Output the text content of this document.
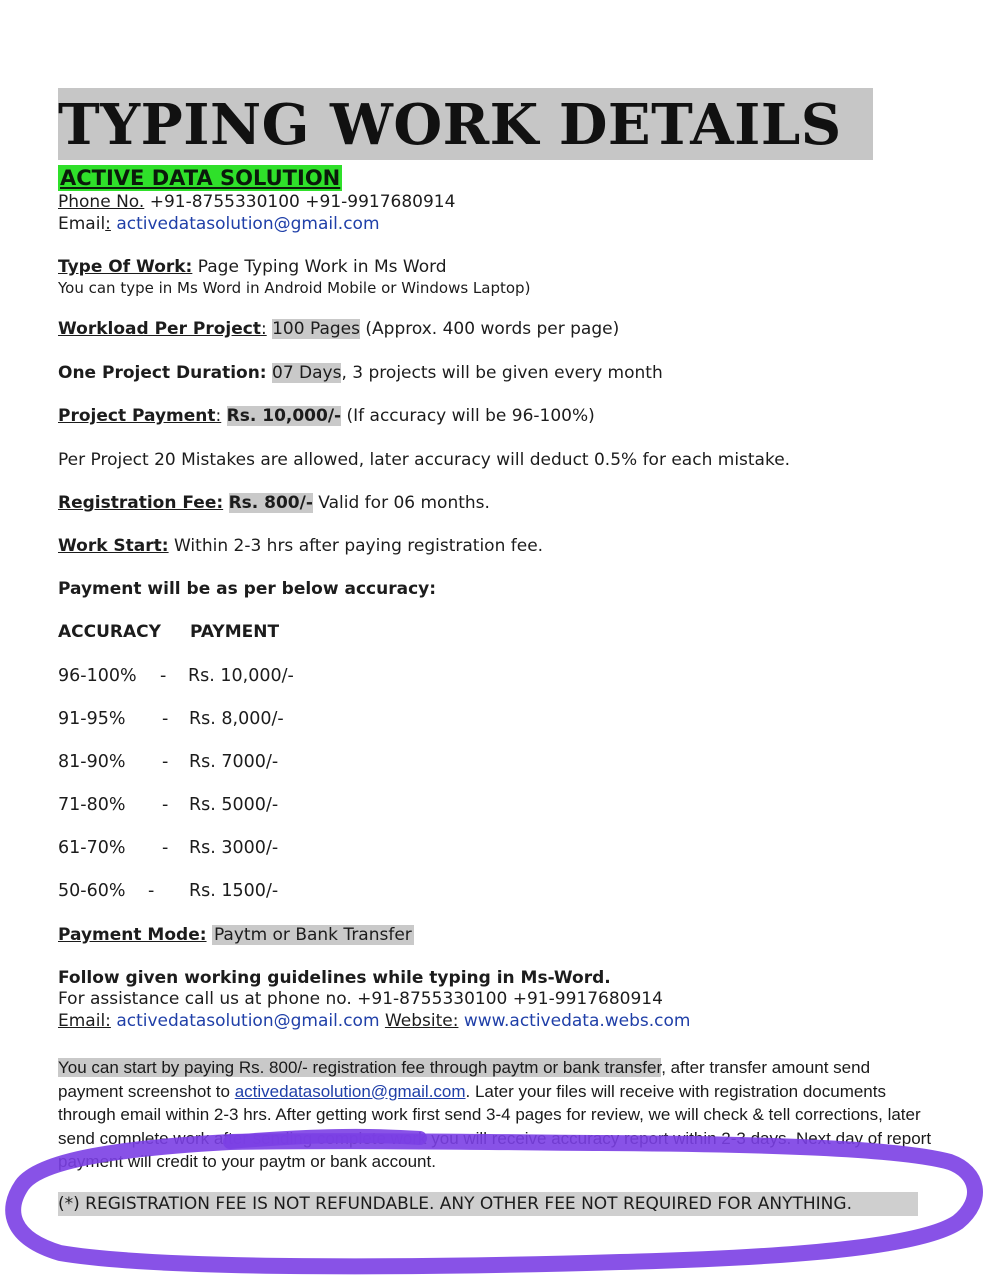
TYPING WORK DETAILS
ACTIVE DATA SOLUTION
Phone No. +91-8755330100 +91-9917680914
Email: activedatasolution@gmail.com
Type Of Work: Page Typing Work in Ms Word
You can type in Ms Word in Android Mobile or Windows Laptop)
Workload Per Project: 100 Pages (Approx. 400 words per page)
One Project Duration: 07 Days, 3 projects will be given every month
Project Payment: Rs. 10,000/- (If accuracy will be 96-100%)
Per Project 20 Mistakes are allowed, later accuracy will deduct 0.5% for each mistake.
Registration Fee: Rs. 800/- Valid for 06 months.
Work Start: Within 2-3 hrs after paying registration fee.
Payment will be as per below accuracy:
ACCURACY PAYMENT
96-100% - Rs. 10,000/-
91-95% - Rs. 8,000/-
81-90% - Rs. 7000/-
71-80% - Rs. 5000/-
61-70% - Rs. 3000/-
50-60% - Rs. 1500/-
Payment Mode: Paytm or Bank Transfer
Follow given working guidelines while typing in Ms-Word.
For assistance call us at phone no. +91-8755330100 +91-9917680914
Email: activedatasolution@gmail.com Website: www.activedata.webs.com
You can start by paying Rs. 800/- registration fee through paytm or bank transfer, after transfer amount send payment screenshot to activedatasolution@gmail.com. Later your files will receive with registration documents through email within 2-3 hrs. After getting work first send 3-4 pages for review, we will check & tell corrections, later send complete work after sending complete work you will receive accuracy report within 2-3 days. Next day of report payment will credit to your paytm or bank account.
(*) REGISTRATION FEE IS NOT REFUNDABLE. ANY OTHER FEE NOT REQUIRED FOR ANYTHING.
